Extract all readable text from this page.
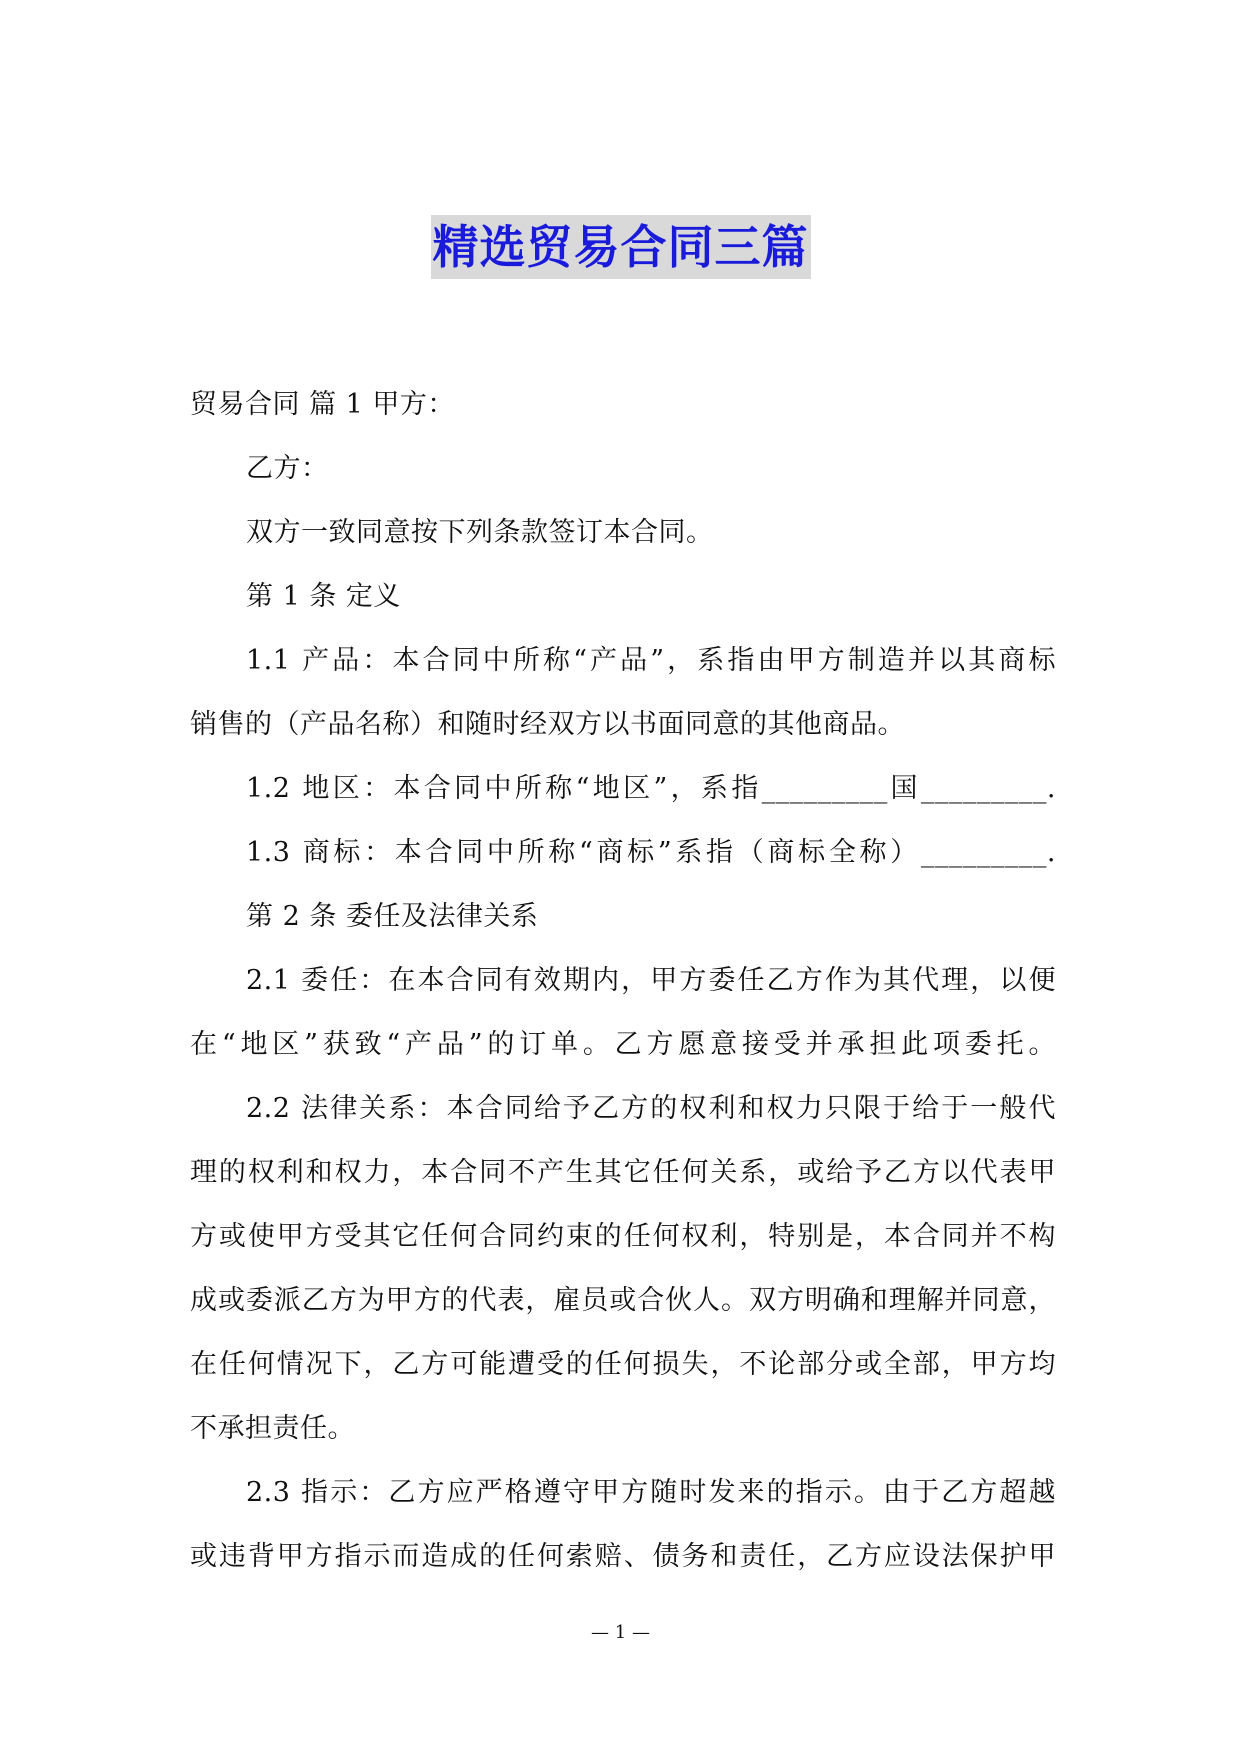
精选贸易合同三篇
贸易合同 篇 1 甲方：
乙方：
双方一致同意按下列条款签订本合同。
第 1 条 定义
1.1 产品：本合同中所称“产品”，系指由甲方制造并以其商标
销售的（产品名称）和随时经双方以书面同意的其他商品。
1.2 地区：本合同中所称“地区”，系指_________国_________.
1.3 商标：本合同中所称“商标”系指（商标全称）_________.
第 2 条 委任及法律关系
2.1 委任：在本合同有效期内，甲方委任乙方作为其代理，以便
在“地区”获致“产品”的订单。乙方愿意接受并承担此项委托。
2.2 法律关系：本合同给予乙方的权利和权力只限于给于一般代
理的权利和权力，本合同不产生其它任何关系，或给予乙方以代表甲
方或使甲方受其它任何合同约束的任何权利，特别是，本合同并不构
成或委派乙方为甲方的代表，雇员或合伙人。双方明确和理解并同意，
在任何情况下，乙方可能遭受的任何损失，不论部分或全部，甲方均
不承担责任。
2.3 指示：乙方应严格遵守甲方随时发来的指示。由于乙方超越
或违背甲方指示而造成的任何索赔、债务和责任，乙方应设法保护甲
— 1 —
